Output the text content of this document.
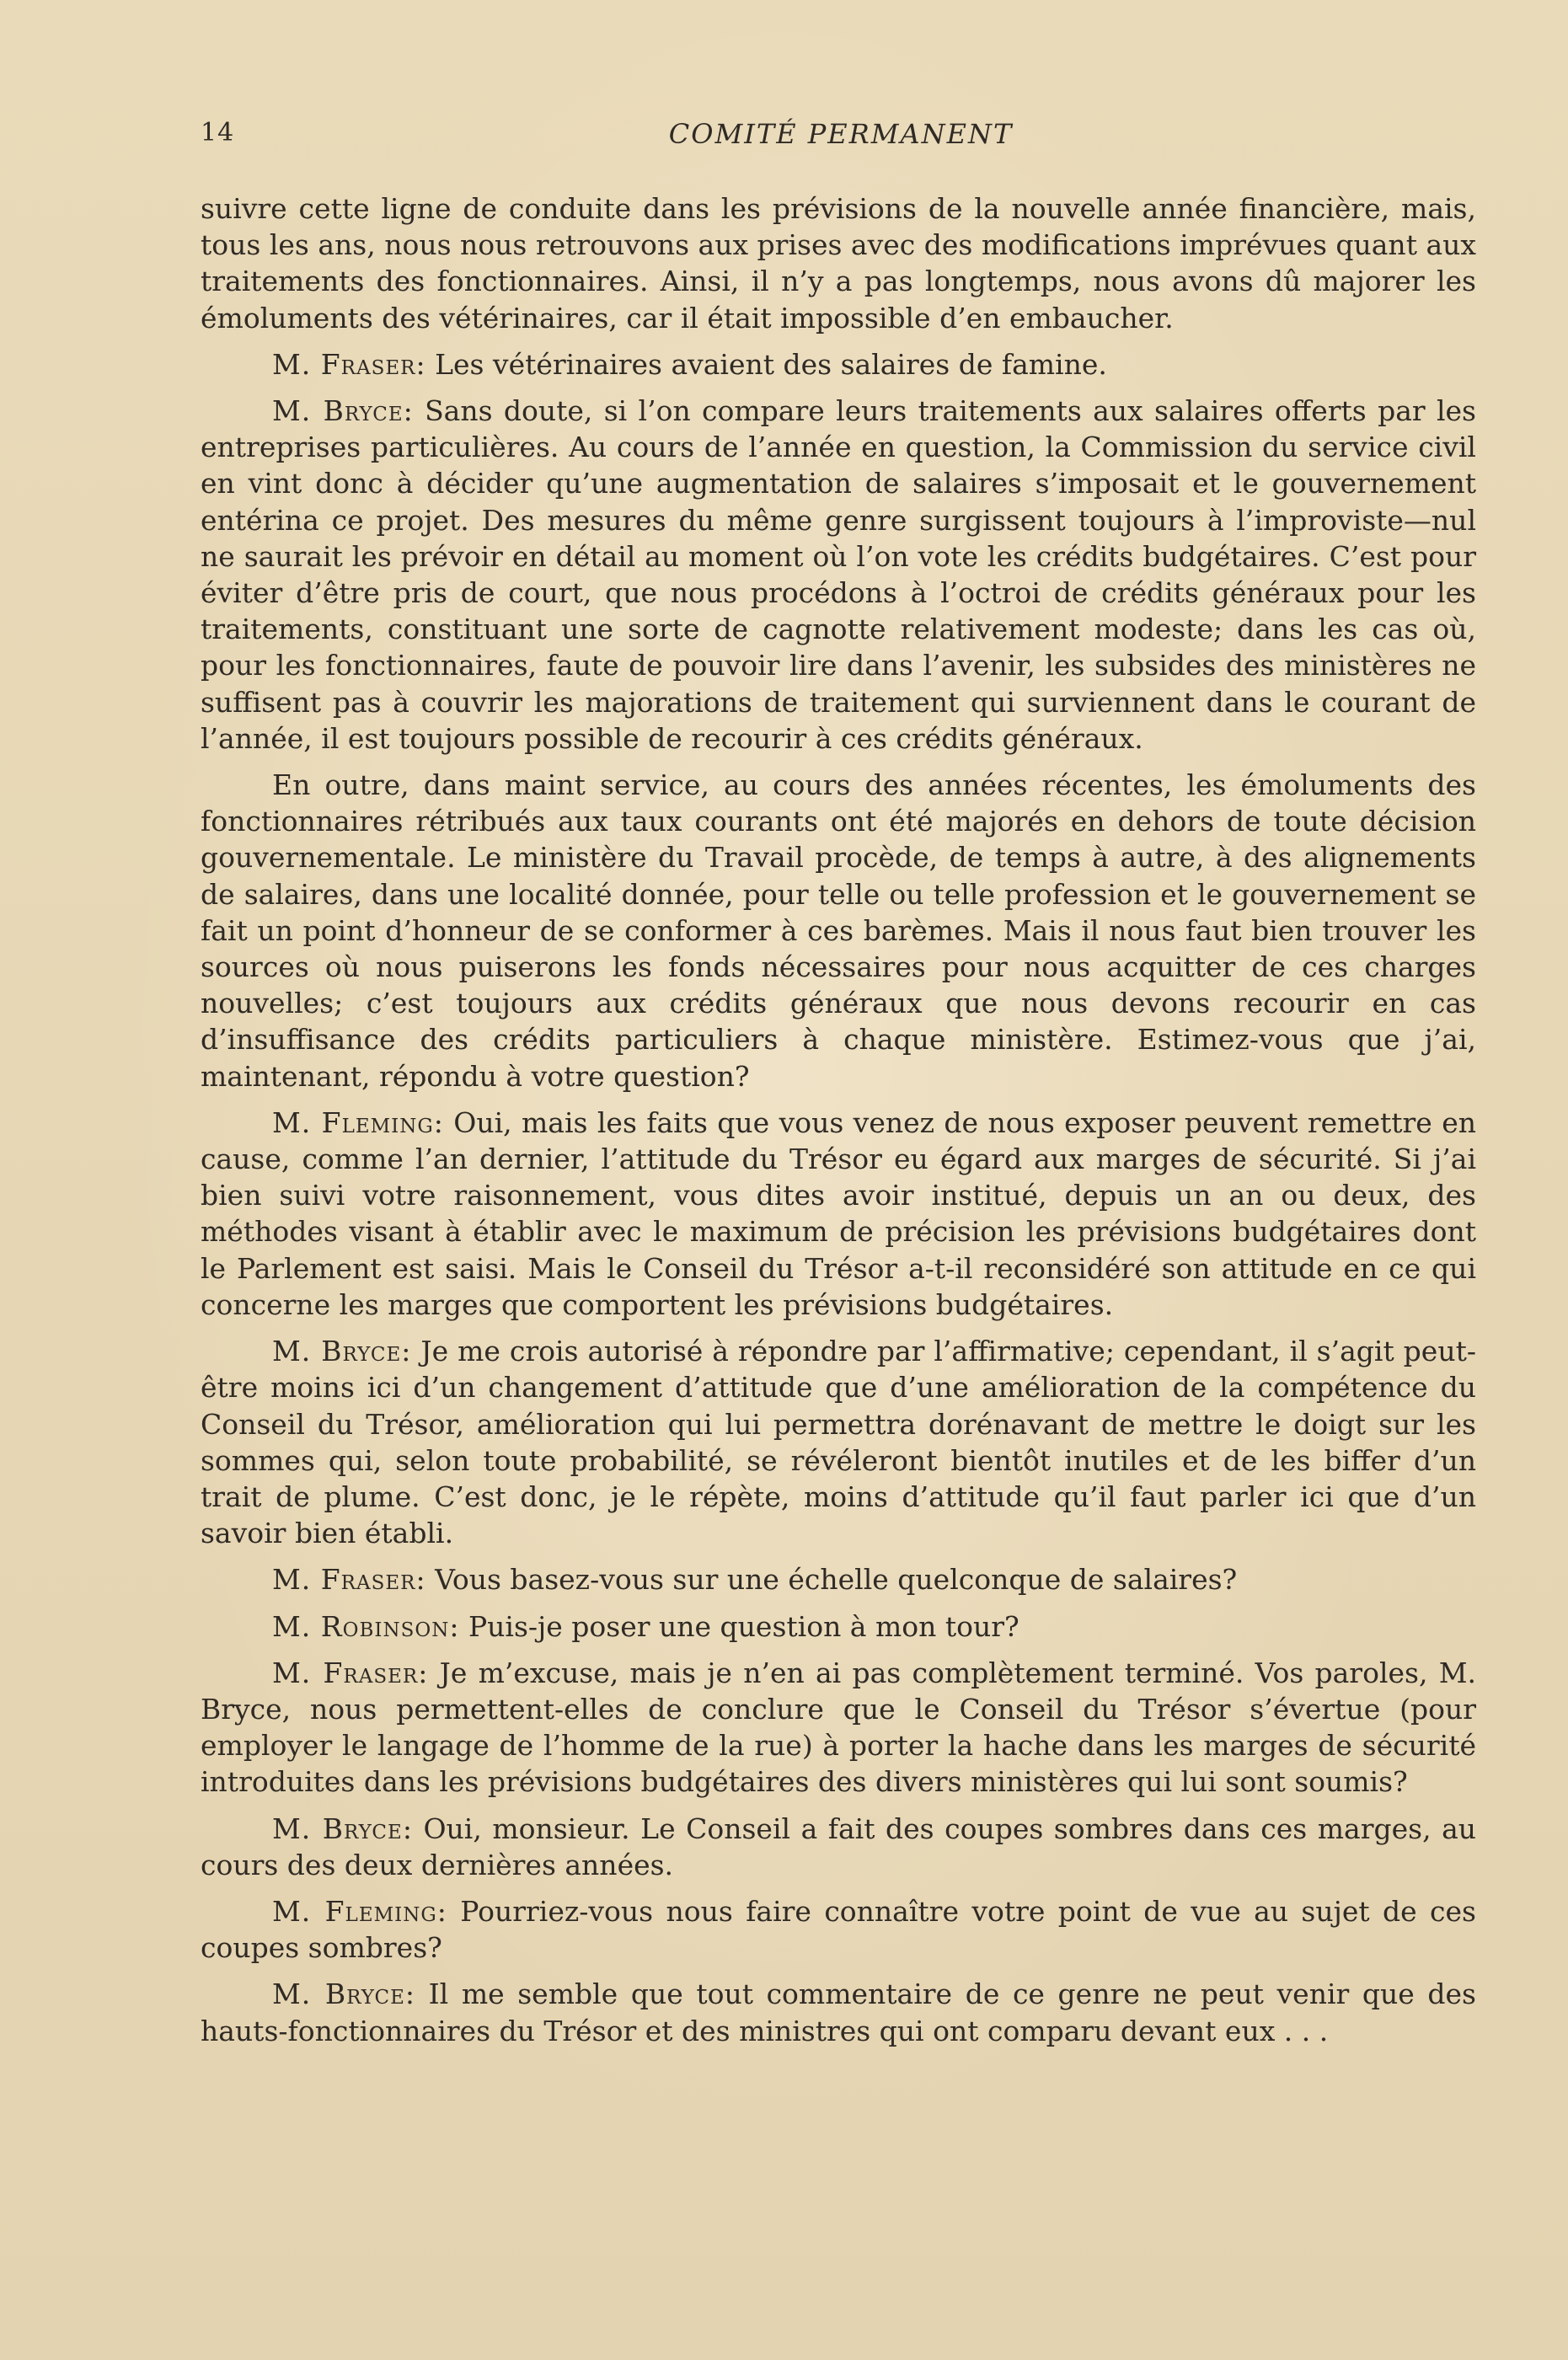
14	COMITÉ PERMANENT

suivre cette ligne de conduite dans les prévisions de la nouvelle année financière, mais, tous les ans, nous nous retrouvons aux prises avec des modifications imprévues quant aux traitements des fonctionnaires. Ainsi, il n’y a pas longtemps, nous avons dû majorer les émoluments des vétérinaires, car il était impossible d’en embaucher.

M. Fraser: Les vétérinaires avaient des salaires de famine.

M. Bryce: Sans doute, si l’on compare leurs traitements aux salaires offerts par les entreprises particulières. Au cours de l’année en question, la Commission du service civil en vint donc à décider qu’une augmentation de salaires s’imposait et le gouvernement entérina ce projet. Des mesures du même genre surgissent toujours à l’improviste—nul ne saurait les prévoir en détail au moment où l’on vote les crédits budgétaires. C’est pour éviter d’être pris de court, que nous procédons à l’octroi de crédits généraux pour les traitements, constituant une sorte de cagnotte relativement modeste; dans les cas où, pour les fonctionnaires, faute de pouvoir lire dans l’avenir, les subsides des ministères ne suffisent pas à couvrir les majorations de traitement qui surviennent dans le courant de l’année, il est toujours possible de recourir à ces crédits généraux.

En outre, dans maint service, au cours des années récentes, les émoluments des fonctionnaires rétribués aux taux courants ont été majorés en dehors de toute décision gouvernementale. Le ministère du Travail procède, de temps à autre, à des alignements de salaires, dans une localité donnée, pour telle ou telle profession et le gouvernement se fait un point d’honneur de se conformer à ces barèmes. Mais il nous faut bien trouver les sources où nous puiserons les fonds nécessaires pour nous acquitter de ces charges nouvelles; c’est toujours aux crédits généraux que nous devons recourir en cas d’insuffisance des crédits particuliers à chaque ministère. Estimez-vous que j’ai, maintenant, répondu à votre question?

M. Fleming: Oui, mais les faits que vous venez de nous exposer peuvent remettre en cause, comme l’an dernier, l’attitude du Trésor eu égard aux marges de sécurité. Si j’ai bien suivi votre raisonnement, vous dites avoir institué, depuis un an ou deux, des méthodes visant à établir avec le maximum de précision les prévisions budgétaires dont le Parlement est saisi. Mais le Conseil du Trésor a-t-il reconsidéré son attitude en ce qui concerne les marges que comportent les prévisions budgétaires.

M. Bryce: Je me crois autorisé à répondre par l’affirmative; cependant, il s’agit peut-être moins ici d’un changement d’attitude que d’une amélioration de la compétence du Conseil du Trésor, amélioration qui lui permettra dorénavant de mettre le doigt sur les sommes qui, selon toute probabilité, se révéleront bientôt inutiles et de les biffer d’un trait de plume. C’est donc, je le répète, moins d’attitude qu’il faut parler ici que d’un savoir bien établi.

M. Fraser: Vous basez-vous sur une échelle quelconque de salaires?

M. Robinson: Puis-je poser une question à mon tour?

M. Fraser: Je m’excuse, mais je n’en ai pas complètement terminé. Vos paroles, M. Bryce, nous permettent-elles de conclure que le Conseil du Trésor s’évertue (pour employer le langage de l’homme de la rue) à porter la hache dans les marges de sécurité introduites dans les prévisions budgétaires des divers ministères qui lui sont soumis?

M. Bryce: Oui, monsieur. Le Conseil a fait des coupes sombres dans ces marges, au cours des deux dernières années.

M. Fleming: Pourriez-vous nous faire connaître votre point de vue au sujet de ces coupes sombres?

M. Bryce: Il me semble que tout commentaire de ce genre ne peut venir que des hauts-fonctionnaires du Trésor et des ministres qui ont comparu devant eux . . .
